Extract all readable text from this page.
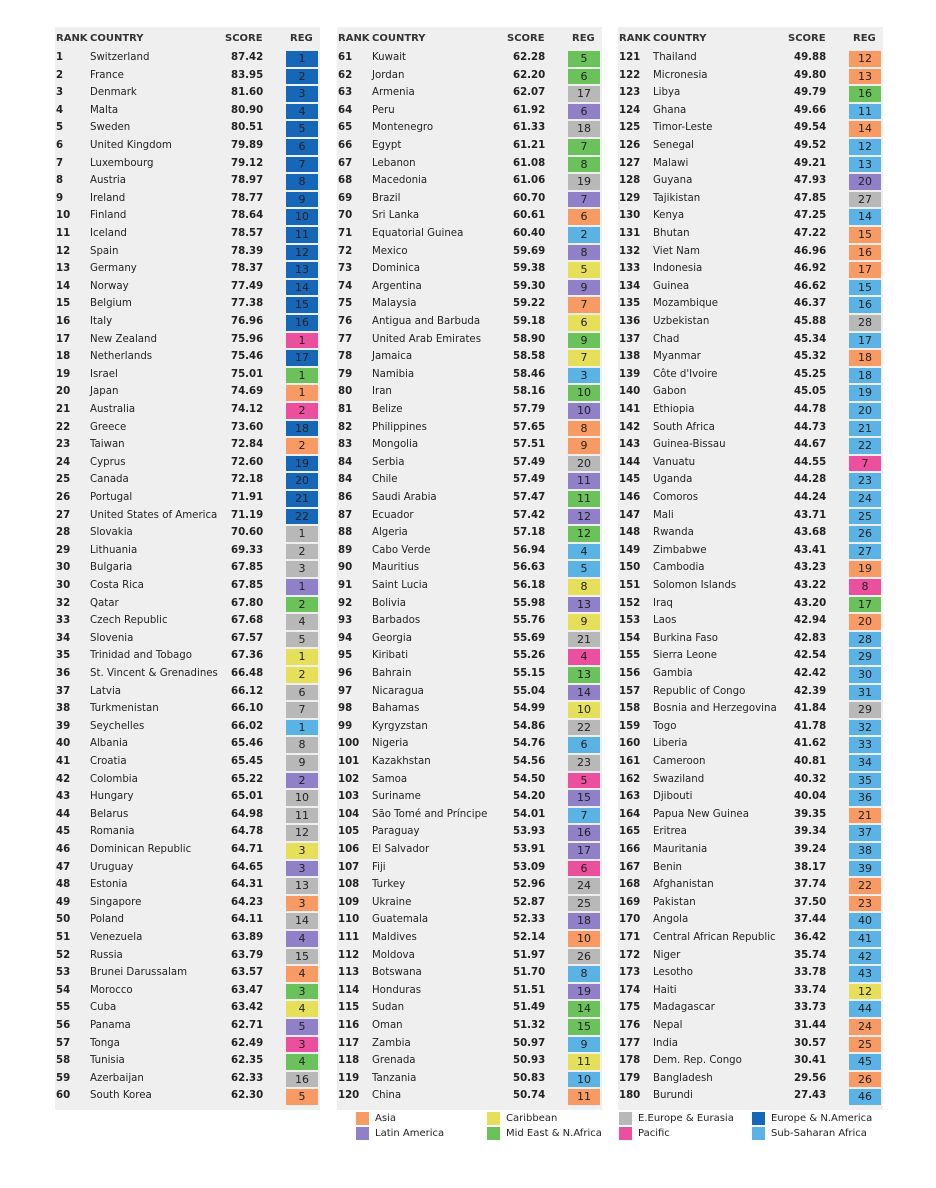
RANK COUNTRY	SCORE	REG
1	Switzerland	87.42	1
2	France	83.95	2
3	Denmark	81.60	3
4	Malta	80.90	4
5	Sweden	80.51	5
6	United Kingdom	79.89	6
7	Luxembourg	79.12	7
8	Austria	78.97	8
9	Ireland	78.77	9
10 Finland	78.64	10
11 Iceland	78.57	11
12 Spain	78.39	12
13 Germany	78.37	13
14 Norway	77.49	14
15 Belgium	77.38	15
16 Italy	76.96	16
17 New Zealand	75.96	1
18 Netherlands	75.46	17
19 Israel	75.01	1
20 Japan	74.69	1
21 Australia	74.12	2
22 Greece	73.60	18
23 Taiwan	72.84	2
24 Cyprus	72.60	19
25 Canada	72.18	20
26 Portugal	71.91	21
27 United States of America 71.19	22
28 Slovakia	70.60	1
29 Lithuania	69.33	2
30 Bulgaria	67.85	3
30 Costa Rica	67.85	1
32 Qatar	67.80	2
33 Czech Republic	67.68	4
34 Slovenia	67.57	5
35 Trinidad and Tobago	67.36	1
36 St. Vincent & Grenadines 66.48	2
37 Latvia	66.12	6
38 Turkmenistan	66.10	7
39 Seychelles	66.02	1
40 Albania	65.46	8
41 Croatia	65.45	9
42 Colombia	65.22	2
43 Hungary	65.01	10
44 Belarus	64.98	11
45 Romania	64.78	12
46 Dominican Republic	64.71	3
47 Uruguay	64.65	3
48 Estonia	64.31	13
49 Singapore	64.23	3
50 Poland	64.11	14
51 Venezuela	63.89	4
52 Russia	63.79	15
53 Brunei Darussalam	63.57	4
54 Morocco	63.47	3
55 Cuba	63.42	4
56 Panama	62.71	5
57 Tonga	62.49	3
58 Tunisia	62.35	4
59 Azerbaijan	62.33	16
60 South Korea	62.30	5
RANK COUNTRY	SCORE	REG
61 Kuwait	62.28	5
62 Jordan	62.20	6
63 Armenia	62.07	17
64 Peru	61.92	6
65 Montenegro	61.33	18
66 Egypt	61.21	7
67 Lebanon	61.08	8
68 Macedonia	61.06	19
69 Brazil	60.70	7
70 Sri Lanka	60.61	6
71 Equatorial Guinea	60.40	2
72 Mexico	59.69	8
73 Dominica	59.38	5
74 Argentina	59.30	9
75 Malaysia	59.22	7
76 Antigua and Barbuda	59.18	6
77 United Arab Emirates	58.90	9
78 Jamaica	58.58	7
79 Namibia	58.46	3
80 Iran	58.16	10
81 Belize	57.79	10
82 Philippines	57.65	8
83 Mongolia	57.51	9
84 Serbia	57.49	20
84 Chile	57.49	11
86 Saudi Arabia	57.47	11
87 Ecuador	57.42	12
88 Algeria	57.18	12
89 Cabo Verde	56.94	4
90 Mauritius	56.63	5
91 Saint Lucia	56.18	8
92 Bolivia	55.98	13
93 Barbados	55.76	9
94 Georgia	55.69	21
95 Kiribati	55.26	4
96 Bahrain	55.15	13
97 Nicaragua	55.04	14
98 Bahamas	54.99	10
99 Kyrgyzstan	54.86	22
100 Nigeria	54.76	6
101 Kazakhstan	54.56	23
102 Samoa	54.50	5
103 Suriname	54.20	15
104 São Tomé and Príncipe	54.01	7
105 Paraguay	53.93	16
106 El Salvador	53.91	17
107 Fiji	53.09	6
108 Turkey	52.96	24
109 Ukraine	52.87	25
110 Guatemala	52.33	18
111 Maldives	52.14	10
112 Moldova	51.97	26
113 Botswana	51.70	8
114 Honduras	51.51	19
115 Sudan	51.49	14
116 Oman	51.32	15
117 Zambia	50.97	9
118 Grenada	50.93	11
119 Tanzania	50.83	10
120 China	50.74	11
RANK COUNTRY	SCORE	REG
121 Thailand	49.88	12
122 Micronesia	49.80	13
123 Libya	49.79	16
124 Ghana	49.66	11
125 Timor-Leste	49.54	14
126 Senegal	49.52	12
127 Malawi	49.21	13
128 Guyana	47.93	20
129 Tajikistan	47.85	27
130 Kenya	47.25	14
131 Bhutan	47.22	15
132 Viet Nam	46.96	16
133 Indonesia	46.92	17
134 Guinea	46.62	15
135 Mozambique	46.37	16
136 Uzbekistan	45.88	28
137 Chad	45.34	17
138 Myanmar	45.32	18
139 Côte d'Ivoire	45.25	18
140 Gabon	45.05	19
141 Ethiopia	44.78	20
142 South Africa	44.73	21
143 Guinea-Bissau	44.67	22
144 Vanuatu	44.55	7
145 Uganda	44.28	23
146 Comoros	44.24	24
147 Mali	43.71	25
148 Rwanda	43.68	26
149 Zimbabwe	43.41	27
150 Cambodia	43.23	19
151 Solomon Islands	43.22	8
152 Iraq	43.20	17
153 Laos	42.94	20
154 Burkina Faso	42.83	28
155 Sierra Leone	42.54	29
156 Gambia	42.42	30
157 Republic of Congo	42.39	31
158 Bosnia and Herzegovina 41.84	29
159 Togo	41.78	32
160 Liberia	41.62	33
161 Cameroon	40.81	34
162 Swaziland	40.32	35
163 Djibouti	40.04	36
164 Papua New Guinea	39.35	21
165 Eritrea	39.34	37
166 Mauritania	39.24	38
167 Benin	38.17	39
168 Afghanistan	37.74	22
169 Pakistan	37.50	23
170 Angola	37.44	40
171 Central African Republic 36.42	41
172 Niger	35.74	42
173 Lesotho	33.78	43
174 Haiti	33.74	12
175 Madagascar	33.73	44
176 Nepal	31.44	24
177 India	30.57	25
178 Dem. Rep. Congo	30.41	45
179 Bangladesh	29.56	26
180 Burundi	27.43	46
Asia
Latin America
Caribbean
Mid East & N.Africa
E.Europe & Eurasia
Pacific
Europe & N.America
Sub-Saharan Africa
